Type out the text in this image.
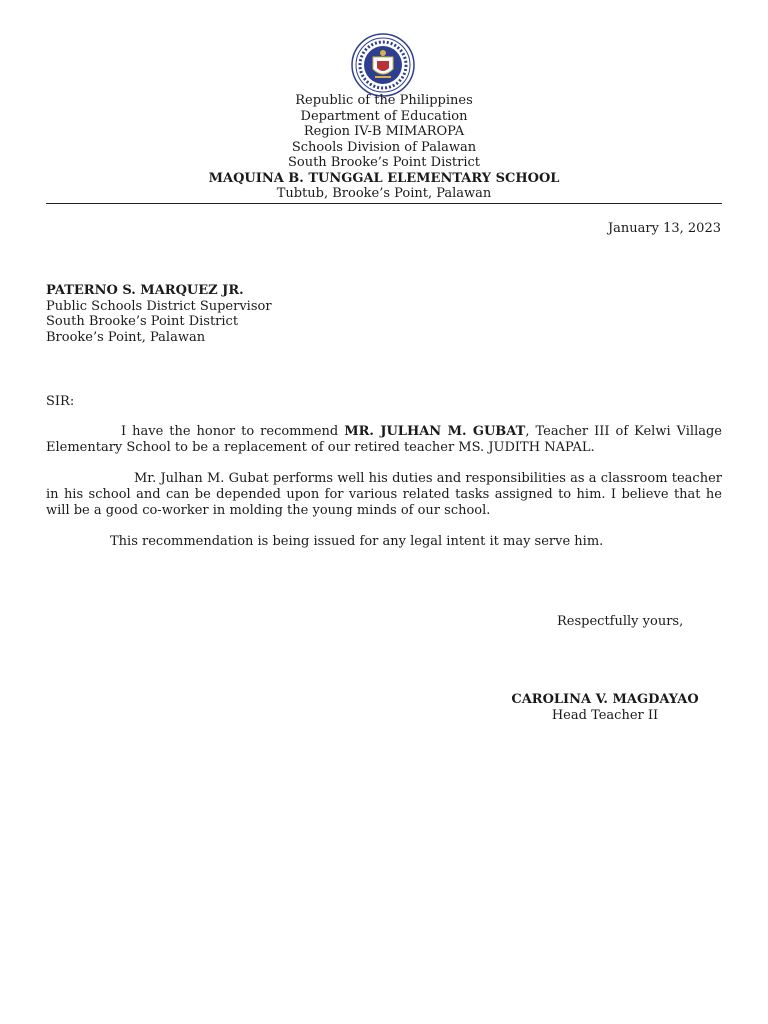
Republic of the Philippines
Department of Education
Region IV-B MIMAROPA
Schools Division of Palawan
South Brooke’s Point District
MAQUINA B. TUNGGAL ELEMENTARY SCHOOL
Tubtub, Brooke’s Point, Palawan
January 13, 2023
PATERNO S. MARQUEZ JR.
Public Schools District Supervisor
South Brooke’s Point District
Brooke’s Point, Palawan
SIR:
I have the honor to recommend MR. JULHAN M. GUBAT, Teacher III of Kelwi Village Elementary School to be a replacement of our retired teacher MS. JUDITH NAPAL.
Mr. Julhan M. Gubat performs well his duties and responsibilities as a classroom teacher in his school and can be depended upon for various related tasks assigned to him. I believe that he will be a good co-worker in molding the young minds of our school.
This recommendation is being issued for any legal intent it may serve him.
Respectfully yours,
CAROLINA V. MAGDAYAO
Head Teacher II
